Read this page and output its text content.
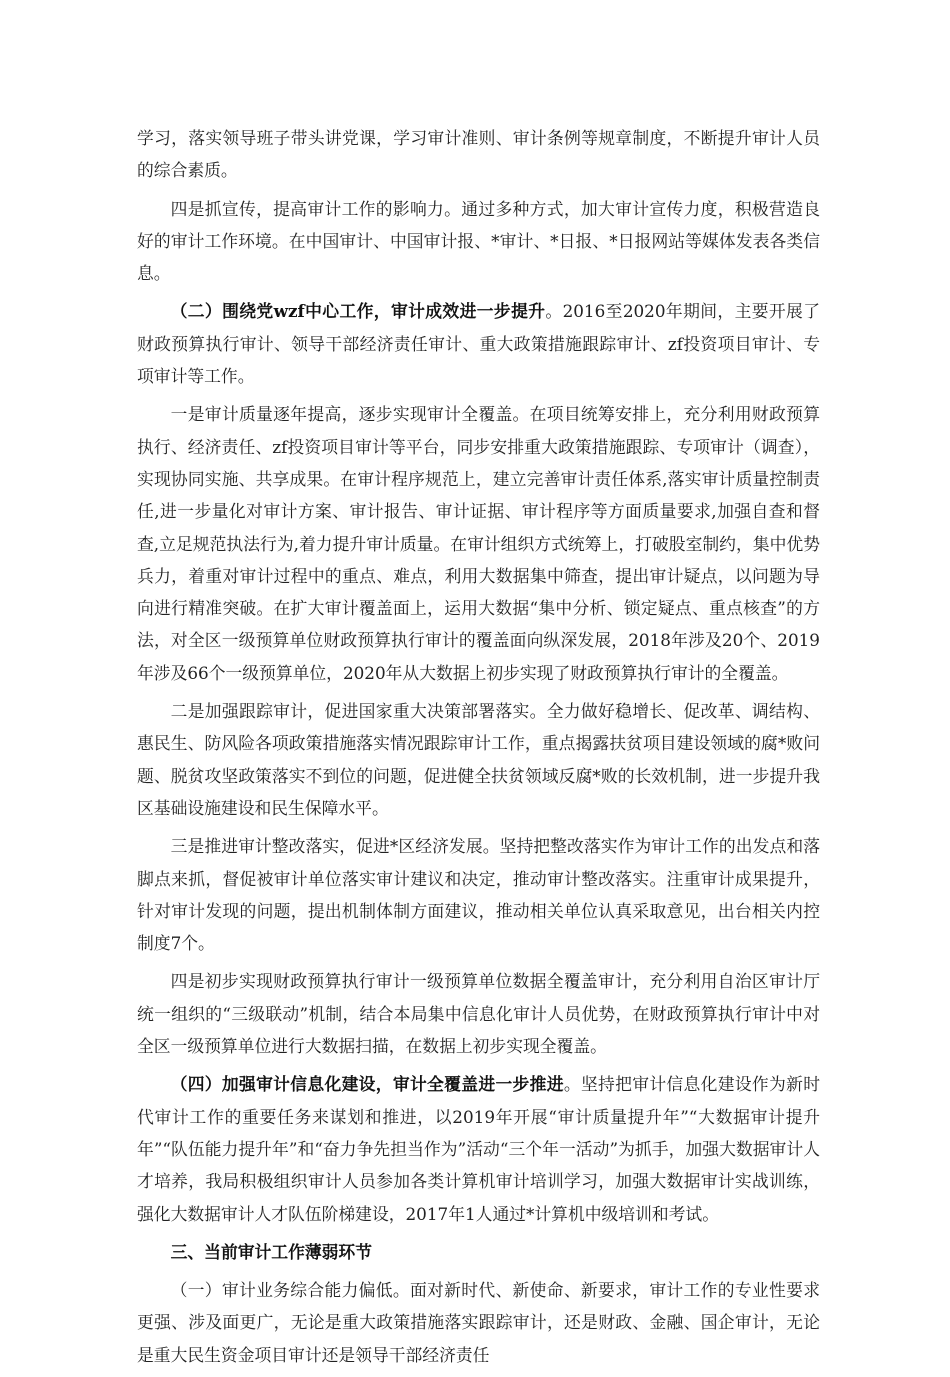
学习，落实领导班子带头讲党课，学习审计准则、审计条例等规章制度，不断提升审计人员的综合素质。

四是抓宣传，提高审计工作的影响力。通过多种方式，加大审计宣传力度，积极营造良好的审计工作环境。在中国审计、中国审计报、*审计、*日报、*日报网站等媒体发表各类信息。

（二）围绕党wzf中心工作，审计成效进一步提升。2016至2020年期间，主要开展了财政预算执行审计、领导干部经济责任审计、重大政策措施跟踪审计、zf投资项目审计、专项审计等工作。

一是审计质量逐年提高，逐步实现审计全覆盖。在项目统筹安排上，充分利用财政预算执行、经济责任、zf投资项目审计等平台，同步安排重大政策措施跟踪、专项审计（调查），实现协同实施、共享成果。在审计程序规范上，建立完善审计责任体系,落实审计质量控制责任,进一步量化对审计方案、审计报告、审计证据、审计程序等方面质量要求,加强自查和督查,立足规范执法行为,着力提升审计质量。在审计组织方式统筹上，打破股室制约，集中优势兵力，着重对审计过程中的重点、难点，利用大数据集中筛查，提出审计疑点，以问题为导向进行精准突破。在扩大审计覆盖面上，运用大数据“集中分析、锁定疑点、重点核查”的方法，对全区一级预算单位财政预算执行审计的覆盖面向纵深发展，2018年涉及20个、2019年涉及66个一级预算单位，2020年从大数据上初步实现了财政预算执行审计的全覆盖。

二是加强跟踪审计，促进国家重大决策部署落实。全力做好稳增长、促改革、调结构、惠民生、防风险各项政策措施落实情况跟踪审计工作，重点揭露扶贫项目建设领域的腐*败问题、脱贫攻坚政策落实不到位的问题，促进健全扶贫领域反腐*败的长效机制，进一步提升我区基础设施建设和民生保障水平。

三是推进审计整改落实，促进*区经济发展。坚持把整改落实作为审计工作的出发点和落脚点来抓，督促被审计单位落实审计建议和决定，推动审计整改落实。注重审计成果提升，针对审计发现的问题，提出机制体制方面建议，推动相关单位认真采取意见，出台相关内控制度7个。

四是初步实现财政预算执行审计一级预算单位数据全覆盖审计，充分利用自治区审计厅统一组织的“三级联动”机制，结合本局集中信息化审计人员优势，在财政预算执行审计中对全区一级预算单位进行大数据扫描，在数据上初步实现全覆盖。

（四）加强审计信息化建设，审计全覆盖进一步推进。坚持把审计信息化建设作为新时代审计工作的重要任务来谋划和推进，以2019年开展“审计质量提升年”“大数据审计提升年”“队伍能力提升年”和“奋力争先担当作为”活动“三个年一活动”为抓手，加强大数据审计人才培养，我局积极组织审计人员参加各类计算机审计培训学习，加强大数据审计实战训练，强化大数据审计人才队伍阶梯建设，2017年1人通过*计算机中级培训和考试。

三、当前审计工作薄弱环节

（一）审计业务综合能力偏低。面对新时代、新使命、新要求，审计工作的专业性要求更强、涉及面更广，无论是重大政策措施落实跟踪审计，还是财政、金融、国企审计，无论是重大民生资金项目审计还是领导干部经济责任
